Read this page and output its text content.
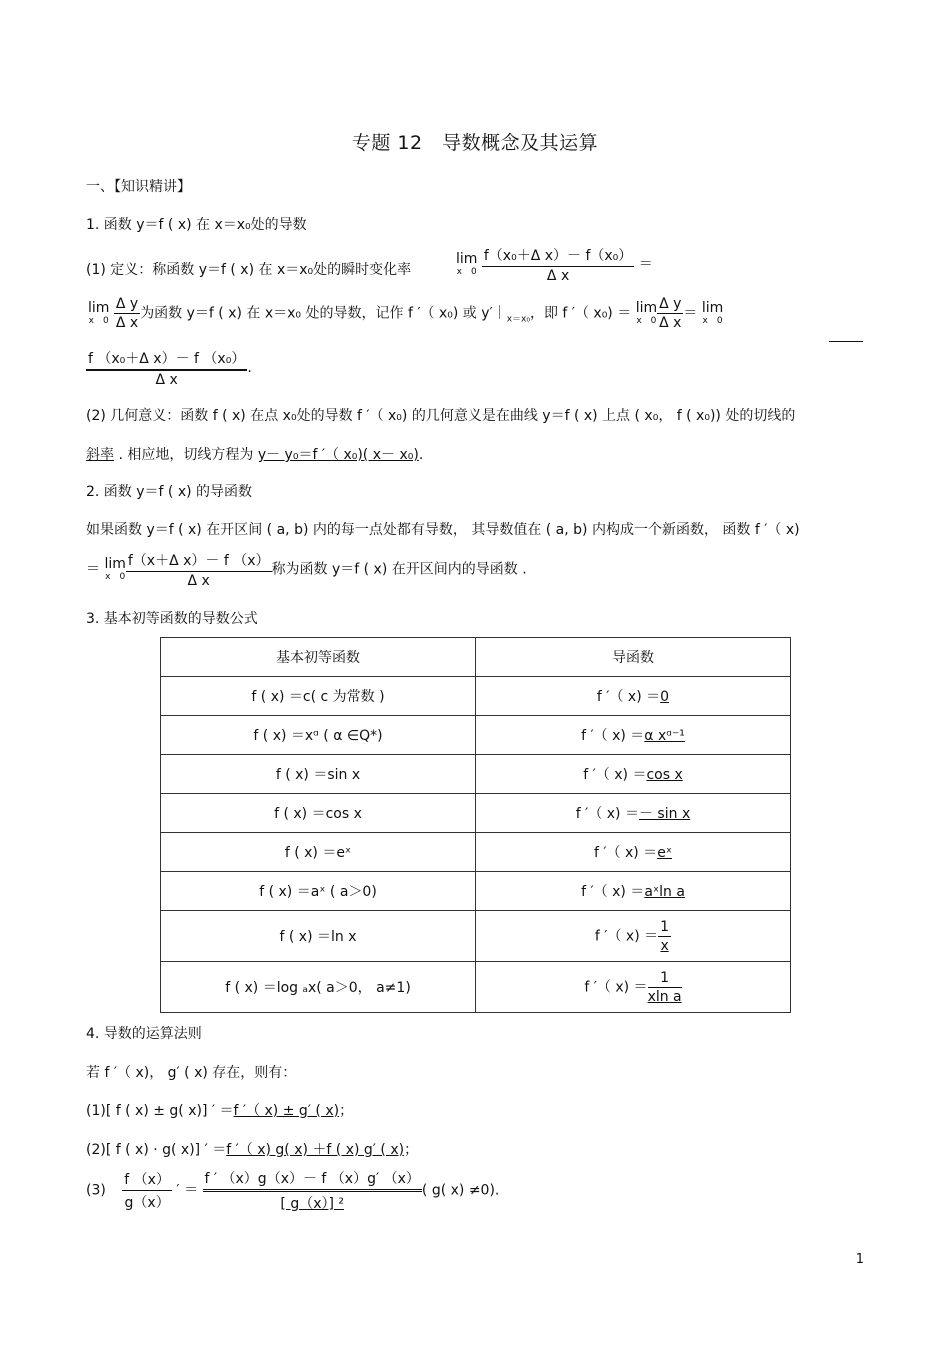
专题 12　导数概念及其运算
一、【知识精讲】
1. 函数 y＝f ( x) 在 x＝x₀处的导数
(1) 定义：称函数 y＝f ( x) 在 x＝x₀处的瞬时变化率
lim
x　0
$\frac{\text{f（x₀＋Δ x）－ f（x₀）}}{\text{Δ x}}$ ＝
lim
x　0
$\frac{\text{Δ y}}{\text{Δ x}}$ 为函数 y＝f ( x) 在 x＝x₀ 处的导数，记作 f ′（ x₀) 或 $y'|_{x=x_0}$，即 f ′（ x₀) ＝ lim
x　$0 \frac{\text{Δ y}}{\text{Δ x}} = \lim$
x　0
$\frac{\text{f （x₀＋Δ x）－ f （x₀）}}{\text{Δ x}}$ .
(2) 几何意义：函数 f ( x) 在点 x₀处的导数 f ′（ x₀) 的几何意义是在曲线 y＝f ( x) 上点 ( x₀， f ( x₀)) 处的切线的
斜率 . 相应地，切线方程为 y－ y₀＝f ′（ x₀)( x－ x₀).
2. 函数 y＝f ( x) 的导函数
如果函数 y＝f ( x) 在开区间 ( a, b) 内的每一点处都有导数， 其导数值在 ( a, b) 内构成一个新函数， 函数 f ′（ x)
＝ lim
x　$0 \frac{\text{f（x＋Δ x）－ f （x）}}{\text{Δ x}}$ 称为函数 y＝f ( x) 在开区间内的导函数 .
3. 基本初等函数的导数公式
基本初等函数	导函数
f ( x) ＝c( c 为常数 )	f ′（ x) ＝0
f ( x) ＝xᵅ ( α ∈Q*)	f ′（ x) ＝α xᵅ⁻¹
f ( x) ＝sin x	f ′（ x) ＝cos x
f ( x) ＝cos x	f ′（ x) ＝－ sin x
f ( x) ＝eˣ	f ′（ x) ＝eˣ
f ( x) ＝aˣ ( a＞0)	f ′（ x) ＝aˣln a
f ( x) ＝ln x	f ′（ $x) = \frac{1}{x}$

f ( x) ＝log ₐx( a＞0， a≠1)	f ′（ $x) = \frac{1}{\text{xln a}}$
4. 导数的运算法则
若 f ′（ x)， g′ ( x) 存在，则有：
(1)[ f ( x) ± g( x)] ′ ＝f ′（ x) ± g′ ( x)；
(2)[ f ( x) · g( x)] ′ ＝f ′（ x) g( x) ＋f ( x) g′ ( x)；
$(3) \frac{f (x)}{g(x)}$ ′ ＝ $\frac{f ' (x)g(x)- f (x)g' (x)}{\text{[ g（x）] ²}}$ ( g( x) ≠0).
1
